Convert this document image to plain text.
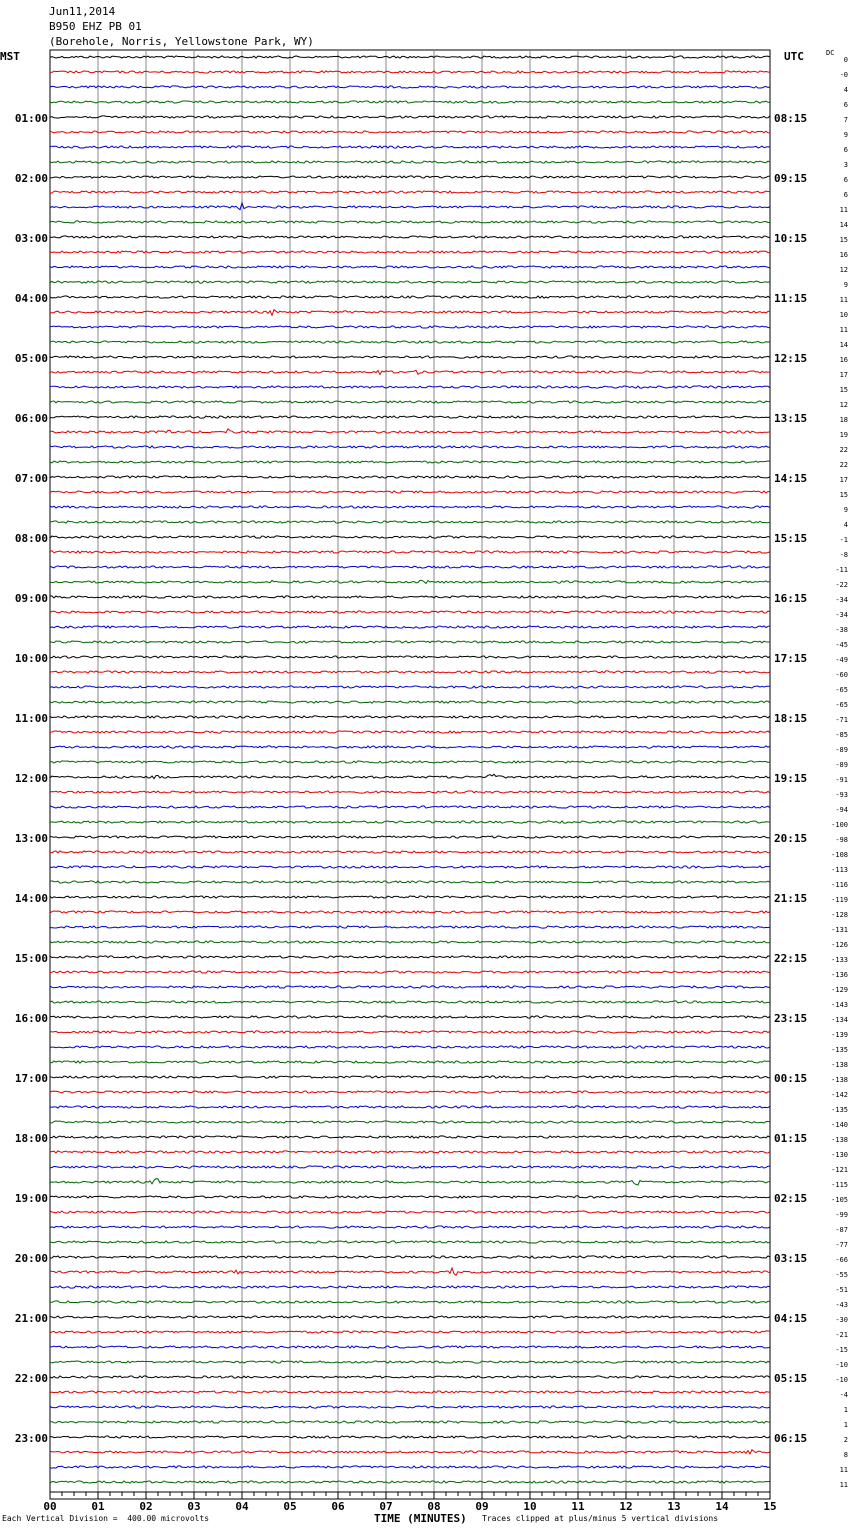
Jun11,2014
B950 EHZ PB 01
(Borehole, Norris, Yellowstone Park, WY)
0
-0
4
6
7
9
6
3
6
6
11
14
15
16
12
9
11
10
11
14
16
17
15
12
18
19
22
22
17
15
9
4
-1
-8
-11
-22
-34
-34
-38
-45
-49
-60
-65
-65
-71
-85
-89
-89
-91
-93
-94
-100
-98
-108
-113
-116
-119
-128
-131
-126
-133
-136
-129
-143
-134
-139
-135
-138
-138
-142
-135
-140
-138
-130
-121
-115
-105
-99
-87
-77
-66
-55
-51
-43
-30
-21
-15
-10
-10
-4
1
1
2
8
11
11
01:00	08:15
02:00	09:15
03:00	10:15
04:00	11:15
05:00	12:15
06:00	13:15
07:00	14:15
08:00	15:15
09:00	16:15
10:00	17:15
11:00	18:15
12:00	19:15
13:00	20:15
14:00	21:15
15:00	22:15
16:00	23:15
17:00	00:15
18:00	01:15
19:00	02:15
20:00	03:15
21:00	04:15
22:00	05:15
23:00	06:15
00	01	02	03	04	05	06	07	08	09	10	11	12	13	14	15
MST	UTC	DC
Each Vertical Division =  400.00 microvolts	TIME (MINUTES) Traces clipped at plus/minus 5 vertical divisions
